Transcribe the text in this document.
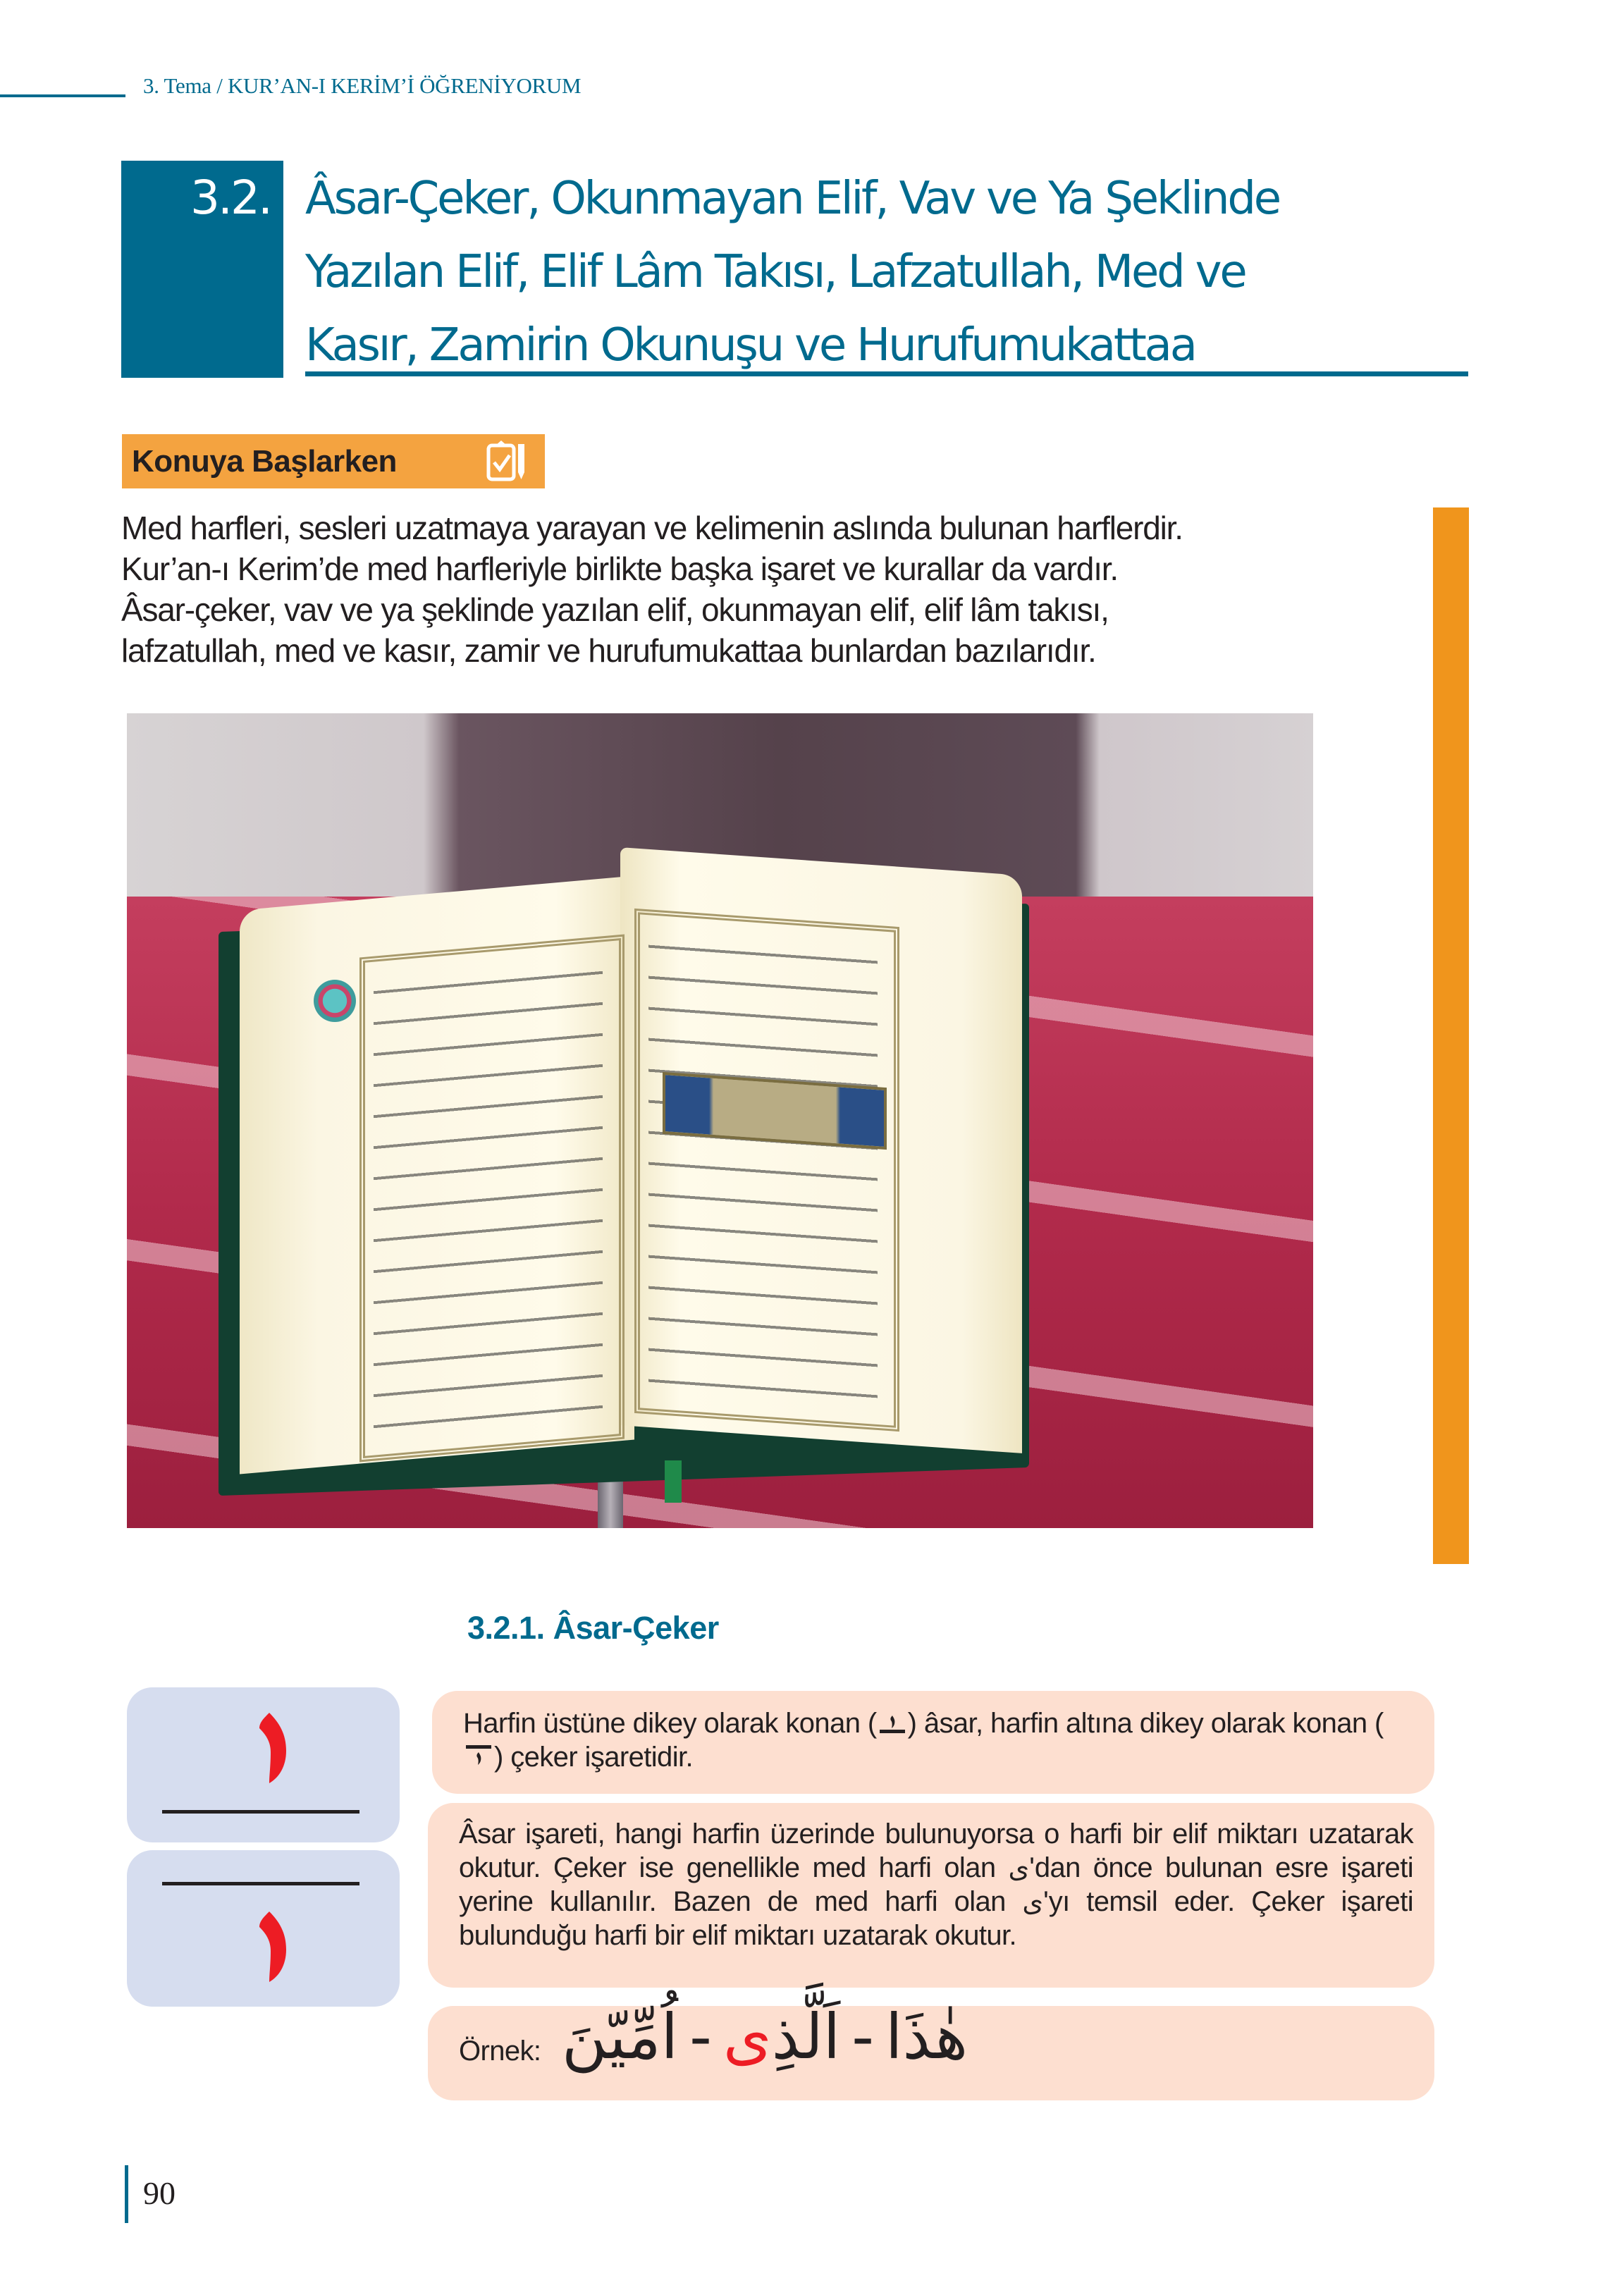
3. Tema / KUR’AN-I KERİM’İ ÖĞRENİYORUM
3.2. Âsar-Çeker, Okunmayan Elif, Vav ve Ya Şeklinde
Yazılan Elif, Elif Lâm Takısı, Lafzatullah, Med ve
Kasır, Zamirin Okunuşu ve Hurufumukattaa
Konuya Başlarken
Med harfleri, sesleri uzatmaya yarayan ve kelimenin aslında bulunan harflerdir.
Kur’an-ı Kerim’de med harfleriyle birlikte başka işaret ve kurallar da vardır.
Âsar-çeker, vav ve ya şeklinde yazılan elif, okunmayan elif, elif lâm takısı,
lafzatullah, med ve kasır, zamir ve hurufumukattaa bunlardan bazılarıdır.
3.2.1. Âsar-Çeker
Harfin üstüne dikey olarak konan ( ) âsar, harfin altına dikey olarak konan () çeker işaretidir.
Âsar işareti, hangi harfin üzerinde bulunuyorsa o harfi bir elif miktarı uzatarak okutur. Çeker ise genellikle med harfi olan ى'dan önce bulunan esre işareti yerine kullanılır. Bazen de med harfi olan ى'yı temsil eder. Çeker işareti bulunduğu harfi bir elif miktarı uzatarak okutur.
Örnek: اُمِّيّنَ - اَلَّذِى - هٰذَا
90
